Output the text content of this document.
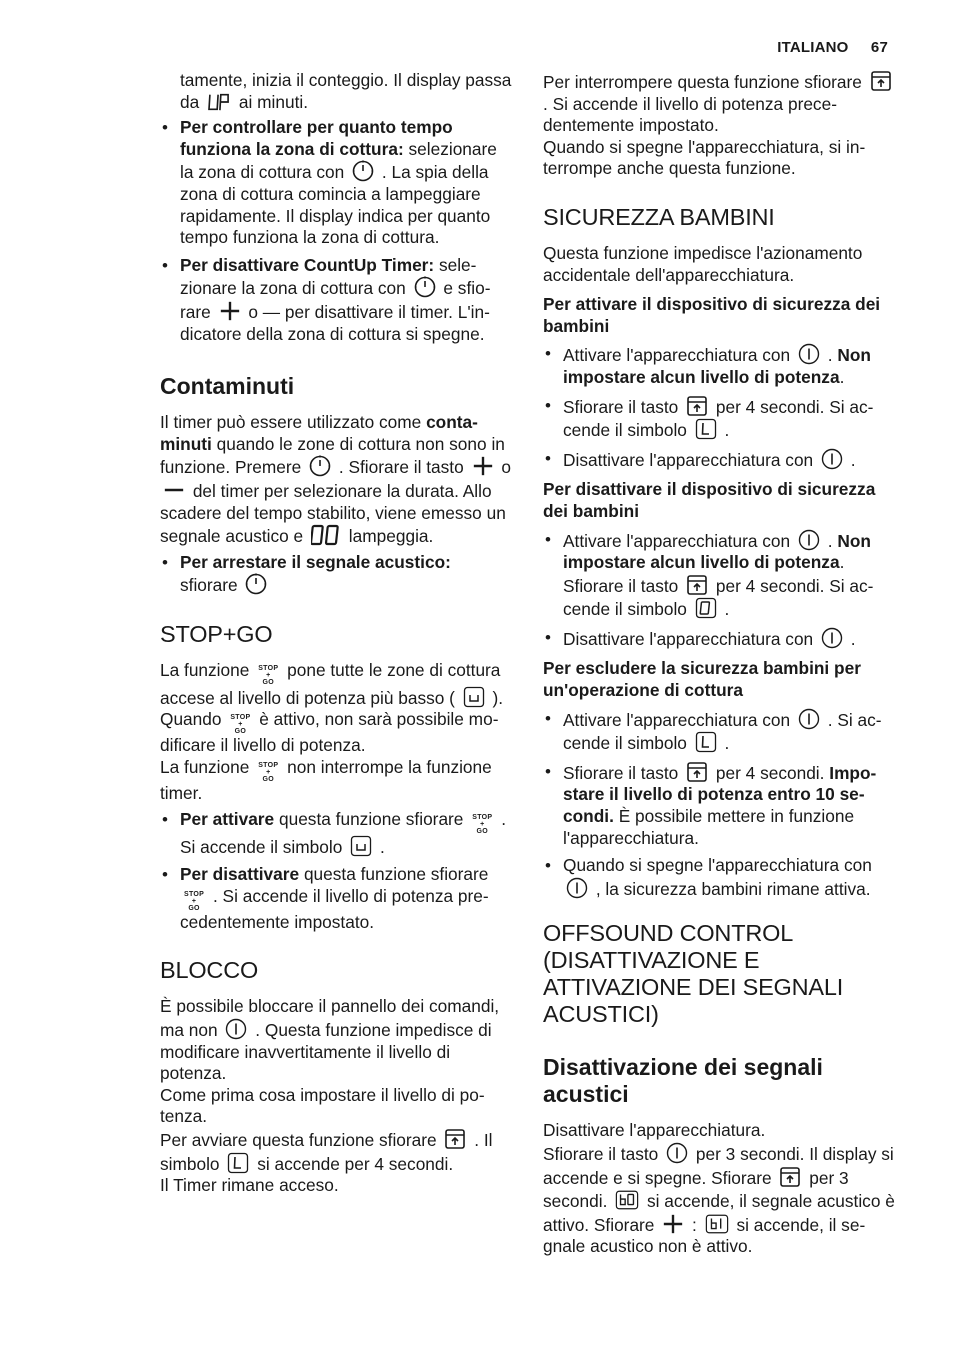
ITALIANO 67

tamente, inizia il conteggio. Il display passa da ai minuti.

• Per controllare per quanto tempo funziona la zona di cottura: selezionare la zona di cottura con . La spia della zona di cottura comincia a lampeggiare rapidamente. Il display indica per quanto tempo funziona la zona di cottura.
• Per disattivare CountUp Timer: selezionare la zona di cottura con e sfiorare o — per disattivare il timer. L'indicatore della zona di cottura si spegne.
Contaminuti

Il timer può essere utilizzato come contaminuti quando le zone di cottura non sono in funzione. Premere . Sfiorare il tasto o  del timer per selezionare la durata. Allo scadere del tempo stabilito, viene emesso un segnale acustico e	lampeggia.

• Per arrestare il segnale acustico:
sfiorare
STOP+GO

La funzione STOP
+
GO pone tutte le zone di cottura accese al livello di potenza più basso ( ).

Quando STOP
+
GO è attivo, non sarà possibile modificare il livello di potenza.

La funzione STOP
+
GO non interrompe la funzione timer.

• Per attivare questa funzione sfiorare STOP
+
GO . Si accende il simbolo .
• Per disattivare questa funzione sfiorare STOP
+
GO . Si accende il livello di potenza precedentemente impostato.
BLOCCO

È possibile bloccare il pannello dei comandi, ma non . Questa funzione impedisce di modificare inavvertitamente il livello di potenza.

Come prima cosa impostare il livello di potenza.

Per avviare questa funzione sfiorare . Il simbolo si accende per 4 secondi.

Il Timer rimane acceso.

Per interrompere questa funzione sfiorare  . Si accende il livello di potenza precedentemente impostato.

Quando si spegne l'apparecchiatura, si interrompe anche questa funzione.

SICUREZZA BAMBINI

Questa funzione impedisce l'azionamento accidentale dell'apparecchiatura.

Per attivare il dispositivo di sicurezza dei bambini
• Attivare l'apparecchiatura con . Non impostare alcun livello di potenza.
• Sfiorare il tasto per 4 secondi. Si accende il simbolo .
• Disattivare l'apparecchiatura con .
Per disattivare il dispositivo di sicurezza dei bambini
• Attivare l'apparecchiatura con . Non impostare alcun livello di potenza. Sfiorare il tasto per 4 secondi. Si accende il simbolo .
• Disattivare l'apparecchiatura con .
Per escludere la sicurezza bambini per un'operazione di cottura
• Attivare l'apparecchiatura con . Si accende il simbolo .
• Sfiorare il tasto per 4 secondi. Impostare il livello di potenza entro 10 secondi. È possibile mettere in funzione l'apparecchiatura.
• Quando si spegne l'apparecchiatura con  , la sicurezza bambini rimane attiva.
OFFSOUND CONTROL (DISATTIVAZIONE E ATTIVAZIONE DEI SEGNALI ACUSTICI)
Disattivazione dei segnali acustici

Disattivare l'apparecchiatura.

Sfiorare il tasto per 3 secondi. Il display si accende e si spegne. Sfiorare per 3 secondi. si accende, il segnale acustico è attivo. Sfiorare : si accende, il segnale acustico non è attivo.
